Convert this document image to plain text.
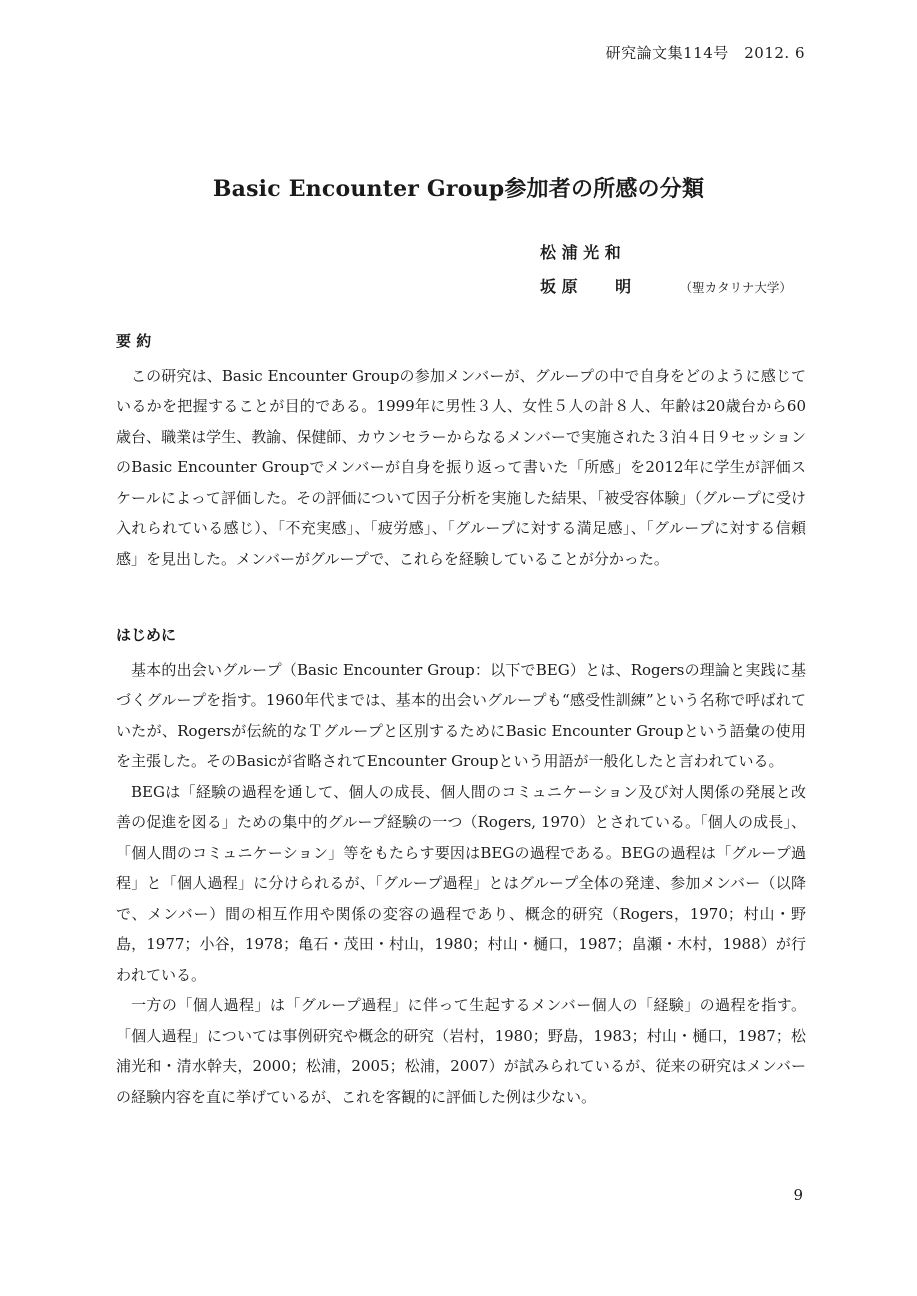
研究論文集114号　2012. 6
Basic Encounter Group参加者の所感の分類
松 浦 光 和
坂 原　　 明	（聖カタリナ大学）
要 約

この研究は、Basic Encounter Groupの参加メンバーが、グループの中で自身をどのように感じているかを把握することが目的である。1999年に男性３人、女性５人の計８人、年齢は20歳台から60歳台、職業は学生、教諭、保健師、カウンセラーからなるメンバーで実施された３泊４日９セッションのBasic Encounter Groupでメンバーが自身を振り返って書いた「所感」を2012年に学生が評価スケールによって評価した。その評価について因子分析を実施した結果、「被受容体験」（グループに受け入れられている感じ）、「不充実感」、「疲労感」、「グループに対する満足感」、「グループに対する信頼感」を見出した。メンバーがグループで、これらを経験していることが分かった。

はじめに

基本的出会いグループ（Basic Encounter Group：以下でBEG）とは、Rogersの理論と実践に基づくグループを指す。1960年代までは、基本的出会いグループも“感受性訓練”という名称で呼ばれていたが、Rogersが伝統的なＴグループと区別するためにBasic Encounter Groupという語彙の使用を主張した。そのBasicが省略されてEncounter Groupという用語が一般化したと言われている。

BEGは「経験の過程を通して、個人の成長、個人間のコミュニケーション及び対人関係の発展と改善の促進を図る」ための集中的グループ経験の一つ（Rogers, 1970）とされている。「個人の成長」、「個人間のコミュニケーション」等をもたらす要因はBEGの過程である。BEGの過程は「グループ過程」と「個人過程」に分けられるが、「グループ過程」とはグループ全体の発達、参加メンバー（以降で、メンバー）間の相互作用や関係の変容の過程であり、概念的研究（Rogers，1970；村山・野島，1977；小谷，1978；亀石・茂田・村山，1980；村山・樋口，1987；畠瀬・木村，1988）が行われている。

一方の「個人過程」は「グループ過程」に伴って生起するメンバー個人の「経験」の過程を指す。「個人過程」については事例研究や概念的研究（岩村，1980；野島，1983；村山・樋口，1987；松浦光和・清水幹夫，2000；松浦，2005；松浦，2007）が試みられているが、従来の研究はメンバーの経験内容を直に挙げているが、これを客観的に評価した例は少ない。

9
